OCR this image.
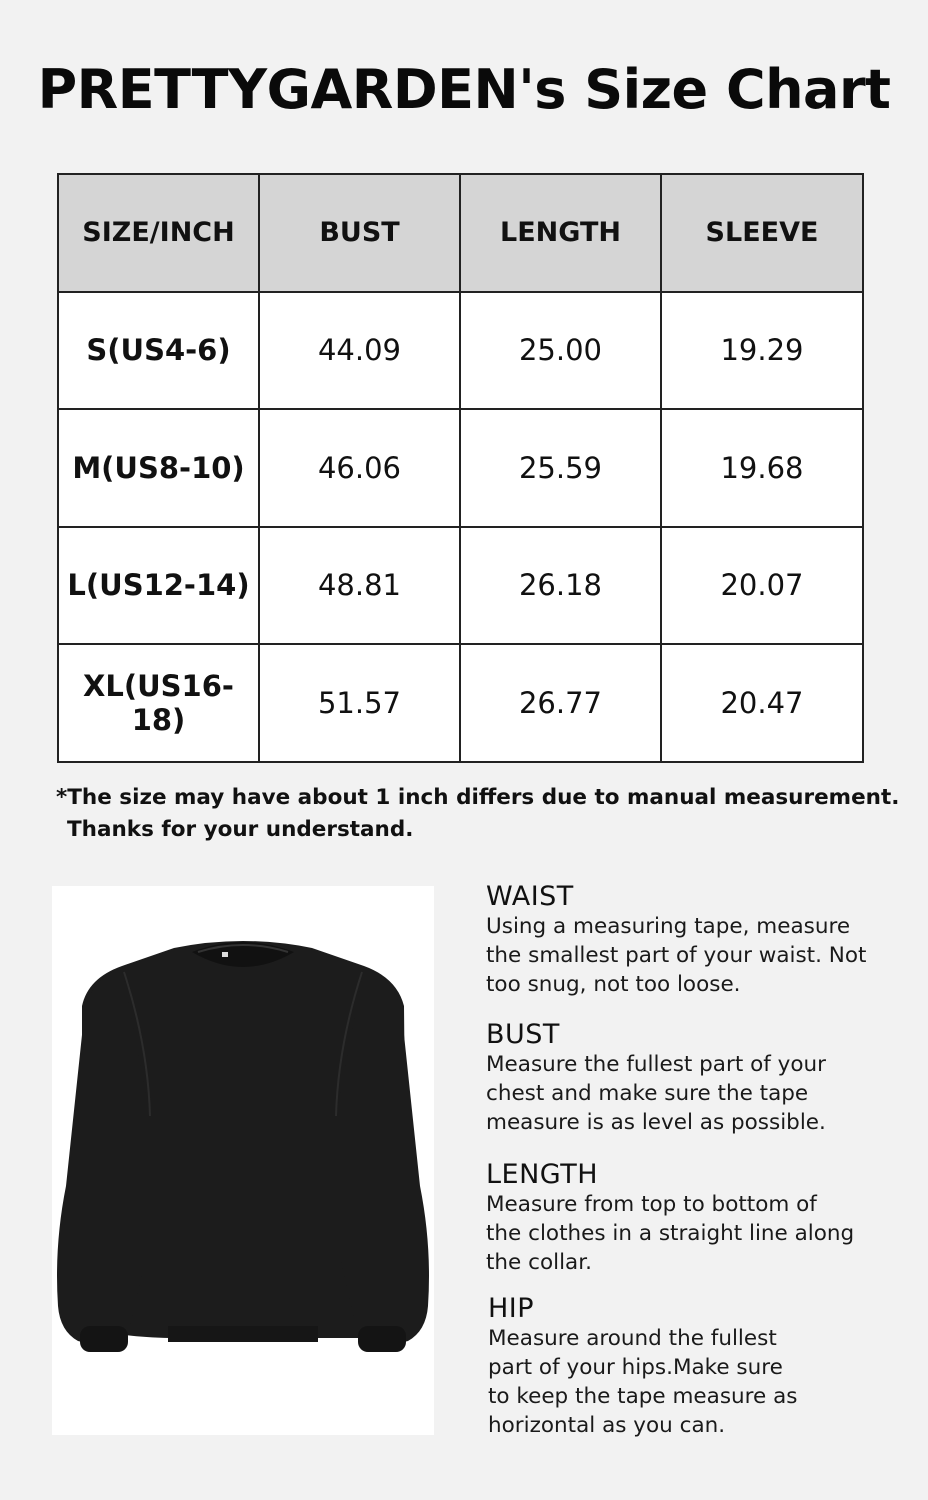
PRETTYGARDEN's Size Chart
SIZE/INCH	BUST	LENGTH	SLEEVE
S(US4-6)	44.09	25.00	19.29
M(US8-10)	46.06	25.59	19.68
L(US12-14)	48.81	26.18	20.07
XL(US16-18)	51.57	26.77	20.47
*The size may have about 1 inch differs due to manual measurement.
Thanks for your understand.
WAIST
Using a measuring tape, measure
the smallest part of your waist. Not
too snug, not too loose.
BUST
Measure the fullest part of your
chest and make sure the tape
measure is as level as possible.
LENGTH
Measure from top to bottom of
the clothes in a straight line along
the collar.
HIP
Measure around the fullest
part of your hips.Make sure
to keep the tape measure as
horizontal as you can.
